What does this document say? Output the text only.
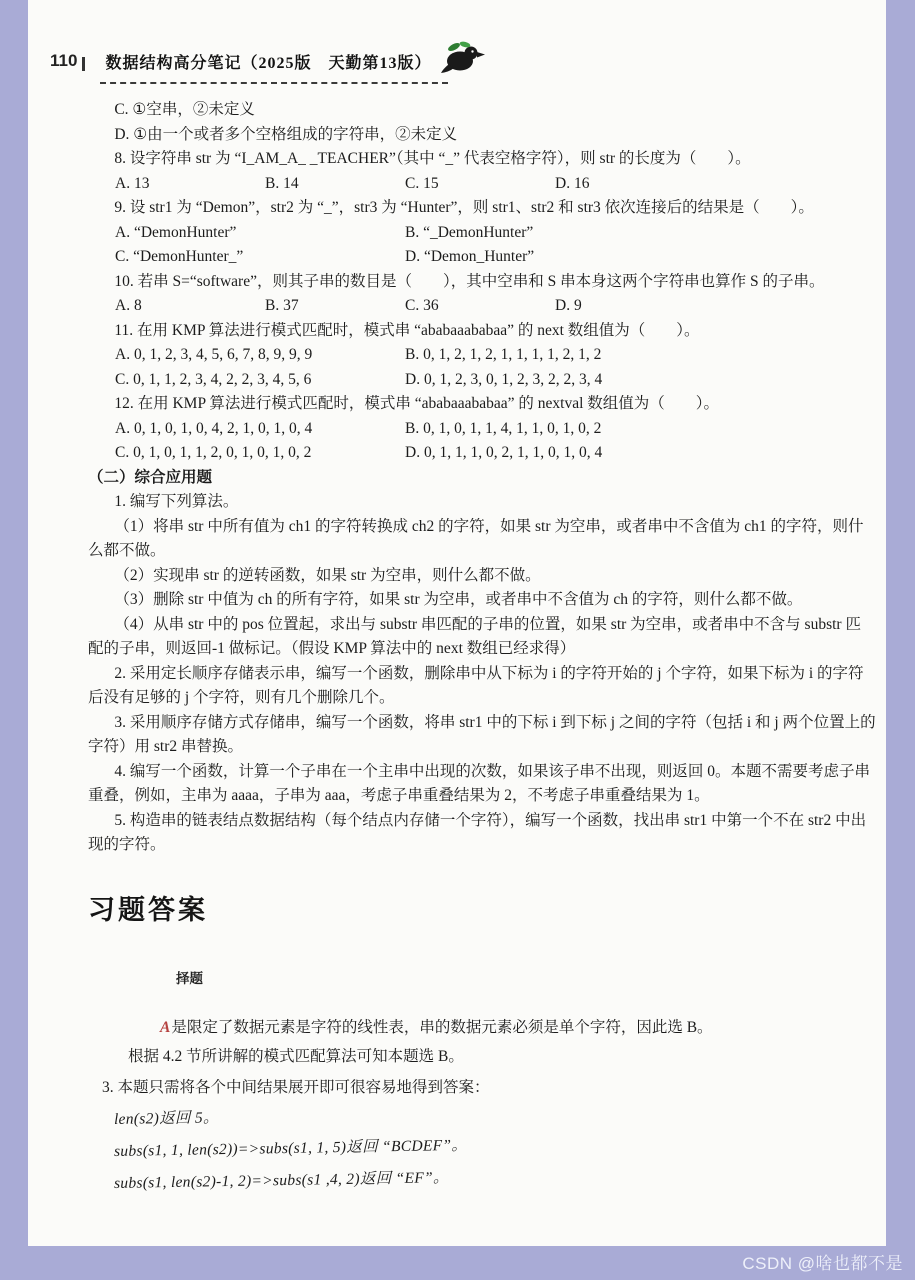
110 数据结构高分笔记（2025版　天勤第13版）

C. ①空串，②未定义

D. ①由一个或者多个空格组成的字符串，②未定义

8. 设字符串 str 为 “I_AM_A_ _TEACHER”（其中 “_” 代表空格字符），则 str 的长度为（　　）。

A. 13	B. 14	C. 15	D. 16

9. 设 str1 为 “Demon”，str2 为 “_”，str3 为 “Hunter”，则 str1、str2 和 str3 依次连接后的结果是（　　）。

A. “DemonHunter”	B. “_DemonHunter”
C. “DemonHunter_”	D. “Demon_Hunter”

10. 若串 S=“software”，则其子串的数目是（　　），其中空串和 S 串本身这两个字符串也算作 S 的子串。

A. 8	B. 37	C. 36	D. 9

11. 在用 KMP 算法进行模式匹配时，模式串 “ababaaababaa” 的 next 数组值为（　　）。

A. 0, 1, 2, 3, 4, 5, 6, 7, 8, 9, 9, 9	B. 0, 1, 2, 1, 2, 1, 1, 1, 1, 2, 1, 2
C. 0, 1, 1, 2, 3, 4, 2, 2, 3, 4, 5, 6	D. 0, 1, 2, 3, 0, 1, 2, 3, 2, 2, 3, 4

12. 在用 KMP 算法进行模式匹配时，模式串 “ababaaababaa” 的 nextval 数组值为（　　）。

A. 0, 1, 0, 1, 0, 4, 2, 1, 0, 1, 0, 4	B. 0, 1, 0, 1, 1, 4, 1, 1, 0, 1, 0, 2
C. 0, 1, 0, 1, 1, 2, 0, 1, 0, 1, 0, 2	D. 0, 1, 1, 1, 0, 2, 1, 1, 0, 1, 0, 4

（二）综合应用题

1. 编写下列算法。

（1）将串 str 中所有值为 ch1 的字符转换成 ch2 的字符，如果 str 为空串，或者串中不含值为 ch1 的字符，则什么都不做。

（2）实现串 str 的逆转函数，如果 str 为空串，则什么都不做。

（3）删除 str 中值为 ch 的所有字符，如果 str 为空串，或者串中不含值为 ch 的字符，则什么都不做。

（4）从串 str 中的 pos 位置起，求出与 substr 串匹配的子串的位置，如果 str 为空串，或者串中不含与 substr 匹配的子串，则返回-1 做标记。（假设 KMP 算法中的 next 数组已经求得）

2. 采用定长顺序存储表示串，编写一个函数，删除串中从下标为 i 的字符开始的 j 个字符，如果下标为 i 的字符后没有足够的 j 个字符，则有几个删除几个。

3. 采用顺序存储方式存储串，编写一个函数，将串 str1 中的下标 i 到下标 j 之间的字符（包括 i 和 j 两个位置上的字符）用 str2 串替换。

4. 编写一个函数，计算一个子串在一个主串中出现的次数，如果该子串不出现，则返回 0。本题不需要考虑子串重叠，例如，主串为 aaaa，子串为 aaa，考虑子串重叠结果为 2，不考虑子串重叠结果为 1。

5. 构造串的链表结点数据结构（每个结点内存储一个字符），编写一个函数，找出串 str1 中第一个不在 str2 中出现的字符。

习题答案
择题

A是限定了数据元素是字符的线性表，串的数据元素必须是单个字符，因此选 B。

根据 4.2 节所讲解的模式匹配算法可知本题选 B。

3. 本题只需将各个中间结果展开即可很容易地得到答案：

len(s2)返回 5。

subs(s1, 1, len(s2))=>subs(s1, 1, 5)返回 “BCDEF”。

subs(s1, len(s2)-1, 2)=>subs(s1 ,4, 2)返回 “EF”。

CSDN @啥也都不是
